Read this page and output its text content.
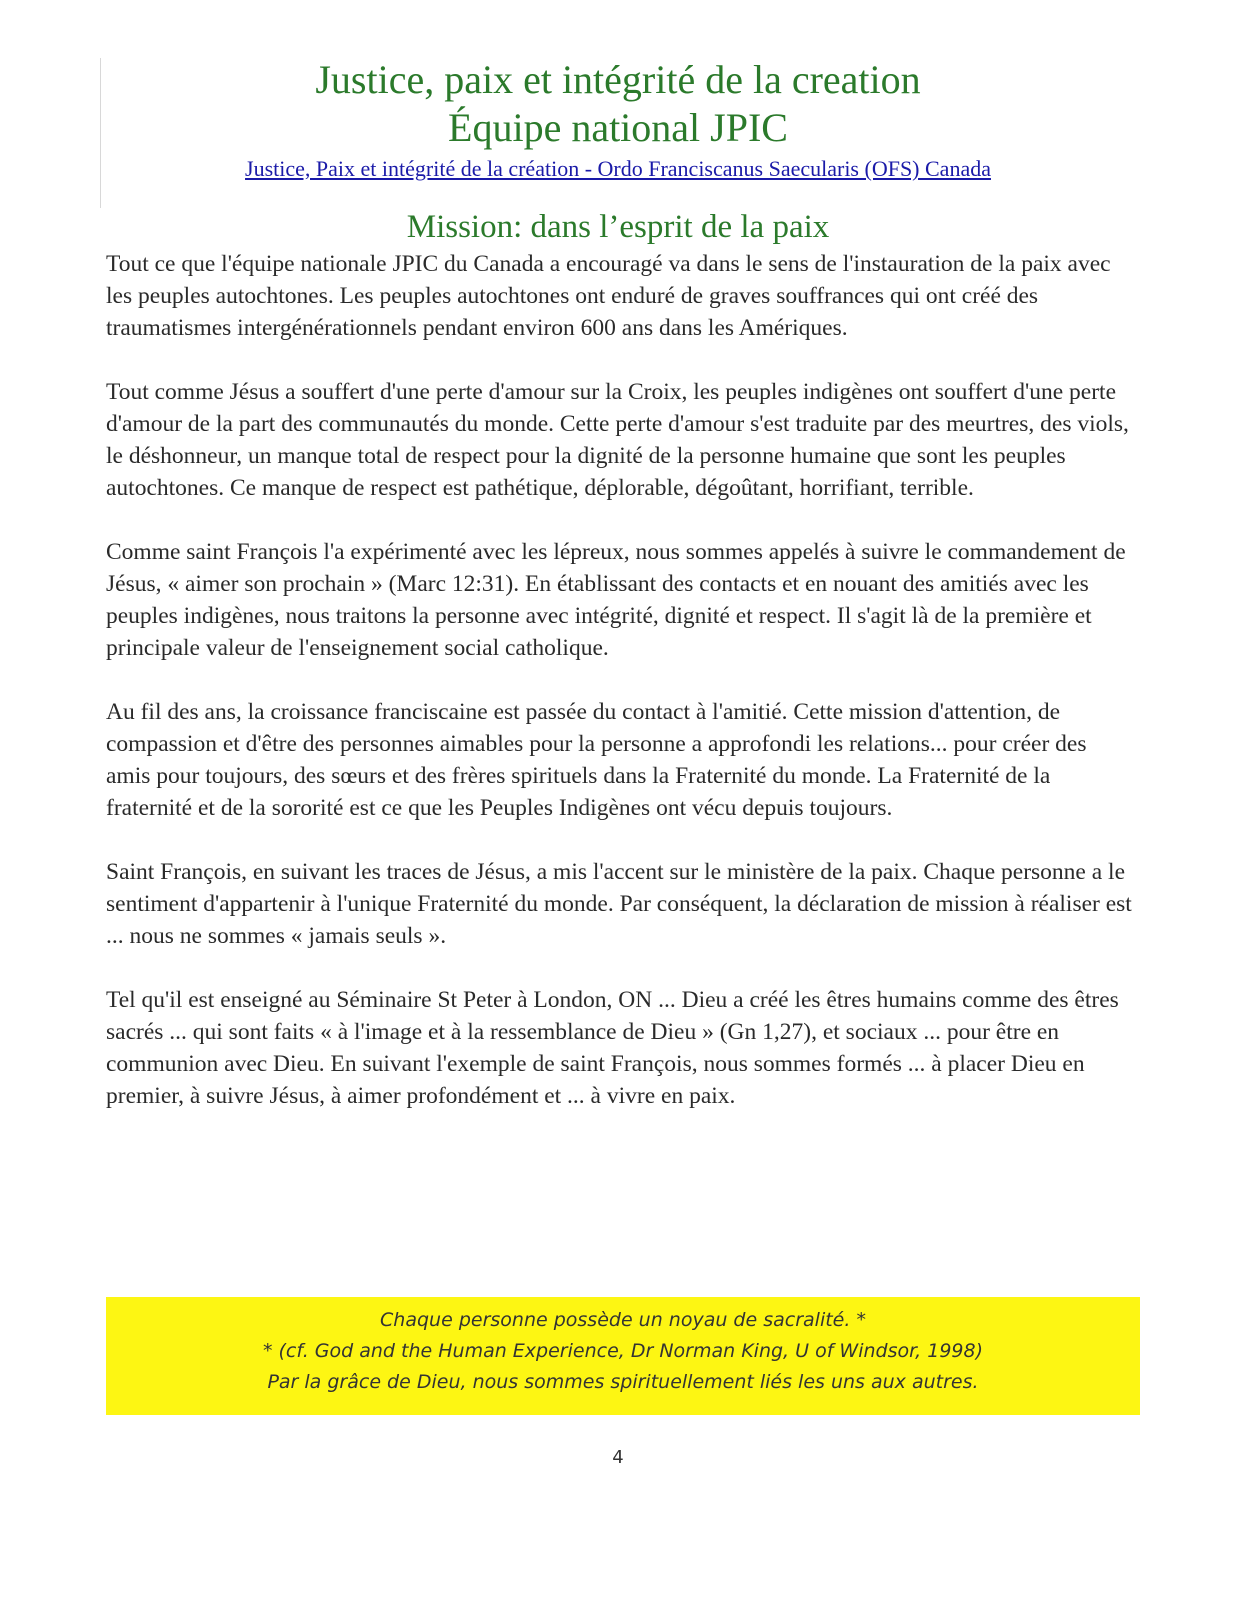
Justice, paix et intégrité de la creation
Équipe national JPIC
Justice, Paix et intégrité de la création - Ordo Franciscanus Saecularis (OFS) Canada
Mission: dans l’esprit de la paix

Tout ce que l'équipe nationale JPIC du Canada a encouragé va dans le sens de l'instauration de la paix avec les peuples autochtones. Les peuples autochtones ont enduré de graves souffrances qui ont créé des traumatismes intergénérationnels pendant environ 600 ans dans les Amériques.

Tout comme Jésus a souffert d'une perte d'amour sur la Croix, les peuples indigènes ont souffert d'une perte d'amour de la part des communautés du monde. Cette perte d'amour s'est traduite par des meurtres, des viols, le déshonneur, un manque total de respect pour la dignité de la personne humaine que sont les peuples autochtones. Ce manque de respect est pathétique, déplorable, dégoûtant, horrifiant, terrible.

Comme saint François l'a expérimenté avec les lépreux, nous sommes appelés à suivre le commandement de Jésus, « aimer son prochain » (Marc 12:31). En établissant des contacts et en nouant des amitiés avec les peuples indigènes, nous traitons la personne avec intégrité, dignité et respect. Il s'agit là de la première et principale valeur de l'enseignement social catholique.

Au fil des ans, la croissance franciscaine est passée du contact à l'amitié. Cette mission d'attention, de compassion et d'être des personnes aimables pour la personne a approfondi les relations... pour créer des amis pour toujours, des sœurs et des frères spirituels dans la Fraternité du monde. La Fraternité de la fraternité et de la sororité est ce que les Peuples Indigènes ont vécu depuis toujours.

Saint François, en suivant les traces de Jésus, a mis l'accent sur le ministère de la paix. Chaque personne a le sentiment d'appartenir à l'unique Fraternité du monde. Par conséquent, la déclaration de mission à réaliser est ... nous ne sommes « jamais seuls ».

Tel qu'il est enseigné au Séminaire St Peter à London, ON ... Dieu a créé les êtres humains comme des êtres sacrés ... qui sont faits « à l'image et à la ressemblance de Dieu » (Gn 1,27), et sociaux ... pour être en communion avec Dieu. En suivant l'exemple de saint François, nous sommes formés ... à placer Dieu en premier, à suivre Jésus, à aimer profondément et ... à vivre en paix.

Chaque personne possède un noyau de sacralité. *
* (cf. God and the Human Experience, Dr Norman King, U of Windsor, 1998)
Par la grâce de Dieu, nous sommes spirituellement liés les uns aux autres.
4
